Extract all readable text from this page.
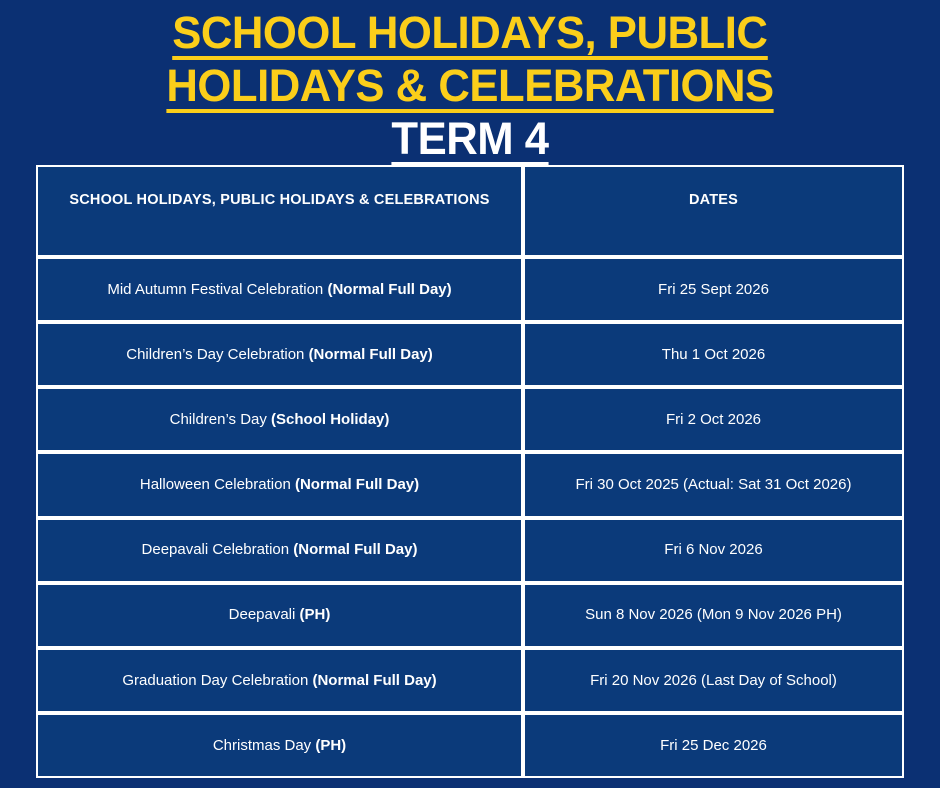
SCHOOL HOLIDAYS, PUBLIC
HOLIDAYS & CELEBRATIONS
TERM 4
SCHOOL HOLIDAYS, PUBLIC HOLIDAYS & CELEBRATIONS	DATES
Mid Autumn Festival Celebration (Normal Full Day)	Fri 25 Sept 2026
Children’s Day Celebration (Normal Full Day)	Thu 1 Oct 2026
Children’s Day (School Holiday)	Fri 2 Oct 2026
Halloween Celebration (Normal Full Day)	Fri 30 Oct 2025 (Actual: Sat 31 Oct 2026)
Deepavali Celebration (Normal Full Day)	Fri 6 Nov 2026
Deepavali (PH)	Sun 8 Nov 2026 (Mon 9 Nov 2026 PH)
Graduation Day Celebration (Normal Full Day)	Fri 20 Nov 2026 (Last Day of School)
Christmas Day (PH)	Fri 25 Dec 2026
